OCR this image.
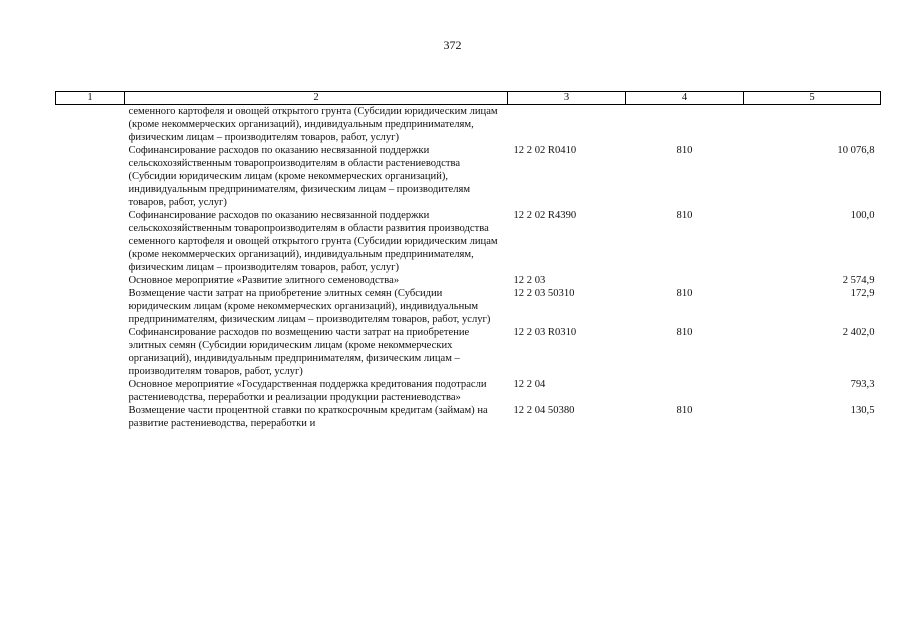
372
1	2	3	4	5
	семенного картофеля и овощей открытого грунта (Субсидии юридическим лицам (кроме некоммерческих организаций), индивидуальным предпринимателям, физическим лицам – производителям товаров, работ, услуг)			
	Софинансирование расходов по оказанию несвязанной поддержки сельскохозяйственным товаропроизводителям в области растениеводства (Субсидии юридическим лицам (кроме некоммерческих организаций), индивидуальным предпринимателям, физическим лицам – производителям товаров, работ, услуг)	12 2 02 R0410	810	10 076,8
	Софинансирование расходов по оказанию несвязанной поддержки сельскохозяйственным товаропроизводителям в области развития производства семенного картофеля и овощей открытого грунта (Субсидии юридическим лицам (кроме некоммерческих организаций), индивидуальным предпринимателям, физическим лицам – производителям товаров, работ, услуг)	12 2 02 R4390	810	100,0
	Основное мероприятие «Развитие элитного семеноводства»	12 2 03		2 574,9
	Возмещение части затрат на приобретение элитных семян (Субсидии юридическим лицам (кроме некоммерческих организаций), индивидуальным предпринимателям, физическим лицам – производителям товаров, работ, услуг)	12 2 03 50310	810	172,9
	Софинансирование расходов по возмещению части затрат на приобретение элитных семян (Субсидии юридическим лицам (кроме некоммерческих организаций), индивидуальным предпринимателям, физическим лицам – производителям товаров, работ, услуг)	12 2 03 R0310	810	2 402,0
	Основное мероприятие «Государственная поддержка кредитования подотрасли растениеводства, переработки и реализации продукции растениеводства»	12 2 04		793,3
	Возмещение части процентной ставки по краткосрочным кредитам (займам) на развитие растениеводства, переработки и	12 2 04 50380	810	130,5
